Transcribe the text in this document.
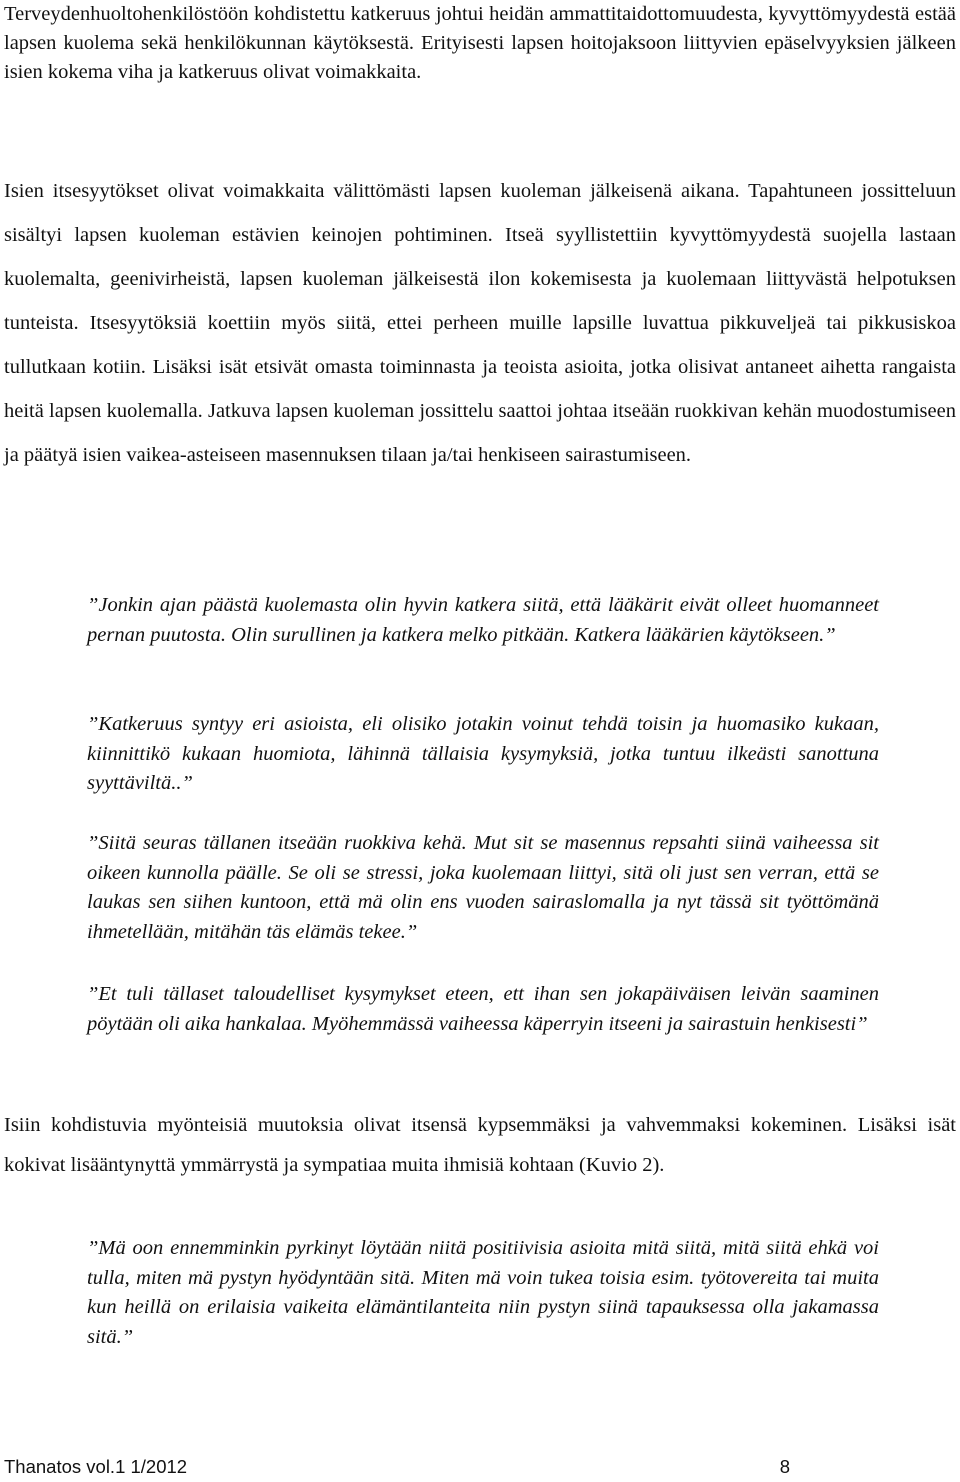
Terveydenhuoltohenkilöstöön kohdistettu katkeruus johtui heidän ammattitaidottomuudesta, kyvyttömyydestä estää lapsen kuolema sekä henkilökunnan käytöksestä. Erityisesti lapsen hoitojaksoon liittyvien epäselvyyksien jälkeen isien kokema viha ja katkeruus olivat voimakkaita.

Isien itsesyytökset olivat voimakkaita välittömästi lapsen kuoleman jälkeisenä aikana. Tapahtuneen jossitteluun sisältyi lapsen kuoleman estävien keinojen pohtiminen. Itseä syyllistettiin kyvyttömyydestä suojella lastaan kuolemalta, geenivirheistä, lapsen kuoleman jälkeisestä ilon kokemisesta ja kuolemaan liittyvästä helpotuksen tunteista. Itsesyytöksiä koettiin myös siitä, ettei perheen muille lapsille luvattua pikkuveljeä tai pikkusiskoa tullutkaan kotiin. Lisäksi isät etsivät omasta toiminnasta ja teoista asioita, jotka olisivat antaneet aihetta rangaista heitä lapsen kuolemalla. Jatkuva lapsen kuoleman jossittelu saattoi johtaa itseään ruokkivan kehän muodostumiseen ja päätyä isien vaikea-asteiseen masennuksen tilaan ja/tai henkiseen sairastumiseen.

”Jonkin ajan päästä kuolemasta olin hyvin katkera siitä, että lääkärit eivät olleet huomanneet pernan puutosta. Olin surullinen ja katkera melko pitkään. Katkera lääkärien käytökseen.”

”Katkeruus syntyy eri asioista, eli olisiko jotakin voinut tehdä toisin ja huomasiko kukaan, kiinnittikö kukaan huomiota, lähinnä tällaisia kysymyksiä, jotka tuntuu ilkeästi sanottuna syyttäviltä..”

”Siitä seuras tällanen itseään ruokkiva kehä. Mut sit se masennus repsahti siinä vaiheessa sit oikeen kunnolla päälle. Se oli se stressi, joka kuolemaan liittyi, sitä oli just sen verran, että se laukas sen siihen kuntoon, että mä olin ens vuoden sairaslomalla ja nyt tässä sit työttömänä ihmetellään, mitähän täs elämäs tekee.”

”Et tuli tällaset taloudelliset kysymykset eteen, ett ihan sen jokapäiväisen leivän saaminen pöytään oli aika hankalaa. Myöhemmässä vaiheessa käperryin itseeni ja sairastuin henkisesti”

Isiin kohdistuvia myönteisiä muutoksia olivat itsensä kypsemmäksi ja vahvemmaksi kokeminen. Lisäksi isät kokivat lisääntynyttä ymmärrystä ja sympatiaa muita ihmisiä kohtaan (Kuvio 2).

”Mä oon ennemminkin pyrkinyt löytään niitä positiivisia asioita mitä siitä, mitä siitä ehkä voi tulla, miten mä pystyn hyödyntään sitä. Miten mä voin tukea toisia esim. työtovereita tai muita kun heillä on erilaisia vaikeita elämäntilanteita niin pystyn siinä tapauksessa olla jakamassa sitä.”

Thanatos vol.1 1/2012	8
